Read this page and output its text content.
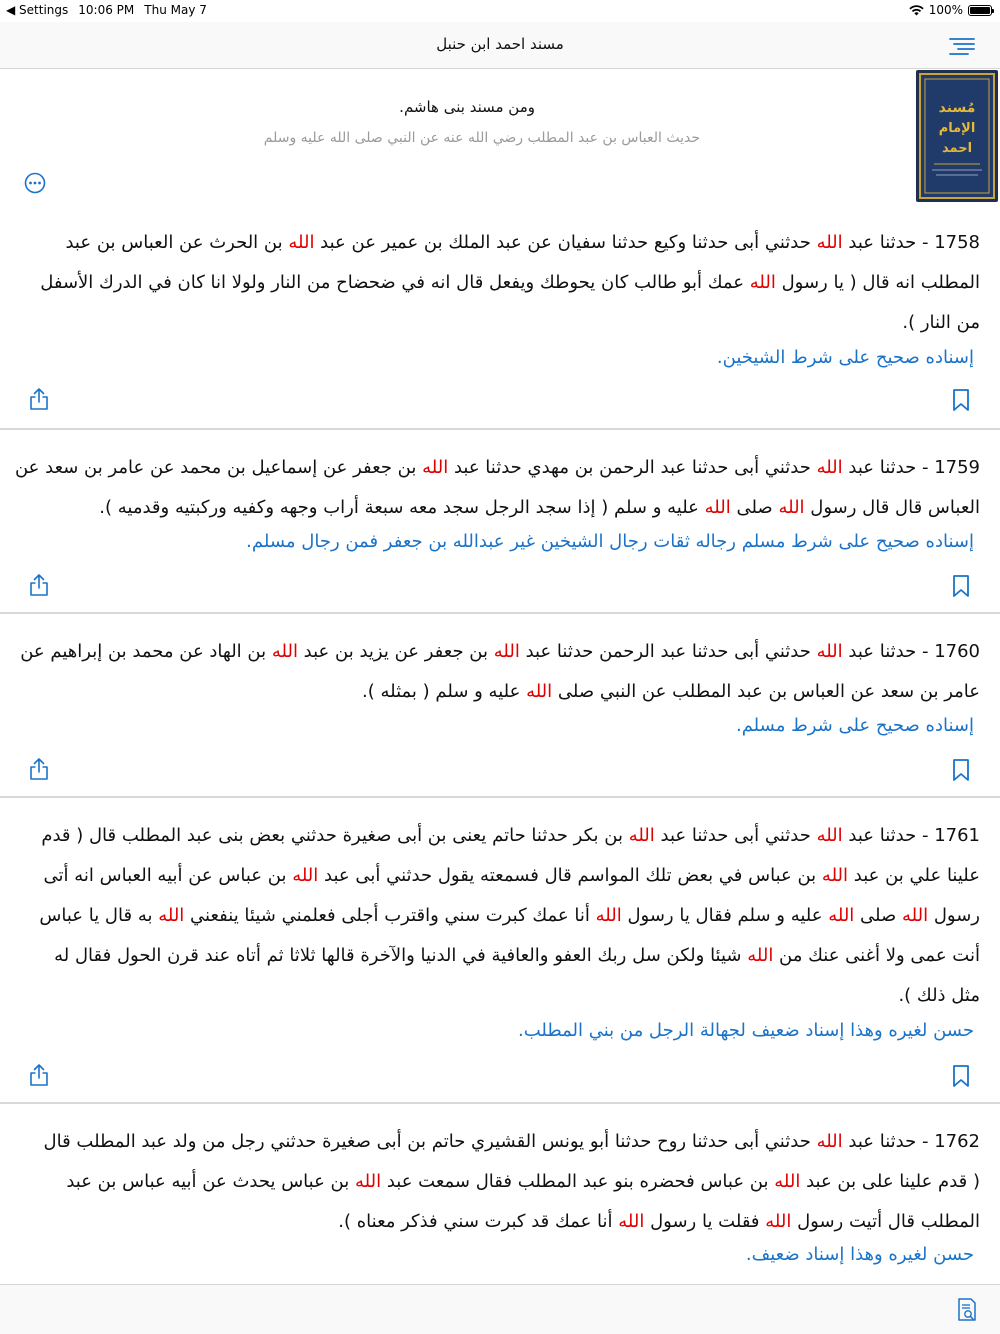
◀ Settings 10:06 PM Thu May 7	100%
مسند احمد ابن حنبل
مُسند
الإمام
احمد
ومن مسند بنى هاشم.
حديث العباس بن عبد المطلب رضي الله عنه عن النبي صلى الله عليه وسلم
1758 - حدثنا عبد الله حدثني أبى حدثنا وكيع حدثنا سفيان عن عبد الملك بن عمير عن عبد الله بن الحرث عن العباس بن عبد
المطلب انه قال ( يا رسول الله عمك أبو طالب كان يحوطك ويفعل قال انه في ضحضاح من النار ولولا انا كان في الدرك الأسفل
من النار ).
إسناده صحيح على شرط الشيخين.
1759 - حدثنا عبد الله حدثني أبى حدثنا عبد الرحمن بن مهدي حدثنا عبد الله بن جعفر عن إسماعيل بن محمد عن عامر بن سعد عن
العباس قال قال رسول الله صلى الله عليه و سلم ( إذا سجد الرجل سجد معه سبعة أراب وجهه وكفيه وركبتيه وقدميه ).
إسناده صحيح على شرط مسلم رجاله ثقات رجال الشيخين غير عبدالله بن جعفر فمن رجال مسلم.
1760 - حدثنا عبد الله حدثني أبى حدثنا عبد الرحمن حدثنا عبد الله بن جعفر عن يزيد بن عبد الله بن الهاد عن محمد بن إبراهيم عن
عامر بن سعد عن العباس بن عبد المطلب عن النبي صلى الله عليه و سلم ( بمثله ).
إسناده صحيح على شرط مسلم.
1761 - حدثنا عبد الله حدثني أبى حدثنا عبد الله بن بكر حدثنا حاتم يعنى بن أبى صغيرة حدثني بعض بنى عبد المطلب قال ( قدم
علينا علي بن عبد الله بن عباس في بعض تلك المواسم قال فسمعته يقول حدثني أبى عبد الله بن عباس عن أبيه العباس انه أتى
رسول الله صلى الله عليه و سلم فقال يا رسول الله أنا عمك كبرت سني واقترب أجلى فعلمني شيئا ينفعني الله به قال يا عباس
أنت عمى ولا أغنى عنك من الله شيئا ولكن سل ربك العفو والعافية في الدنيا والآخرة قالها ثلاثا ثم أتاه عند قرن الحول فقال له
مثل ذلك ).
حسن لغيره وهذا إسناد ضعيف لجهالة الرجل من بني المطلب.
1762 - حدثنا عبد الله حدثني أبى حدثنا روح حدثنا أبو يونس القشيري حاتم بن أبى صغيرة حدثني رجل من ولد عبد المطلب قال
( قدم علينا على بن عبد الله بن عباس فحضره بنو عبد المطلب فقال سمعت عبد الله بن عباس يحدث عن أبيه عباس بن عبد
المطلب قال أتيت رسول الله فقلت يا رسول الله أنا عمك قد كبرت سني فذكر معناه ).
حسن لغيره وهذا إسناد ضعيف.
